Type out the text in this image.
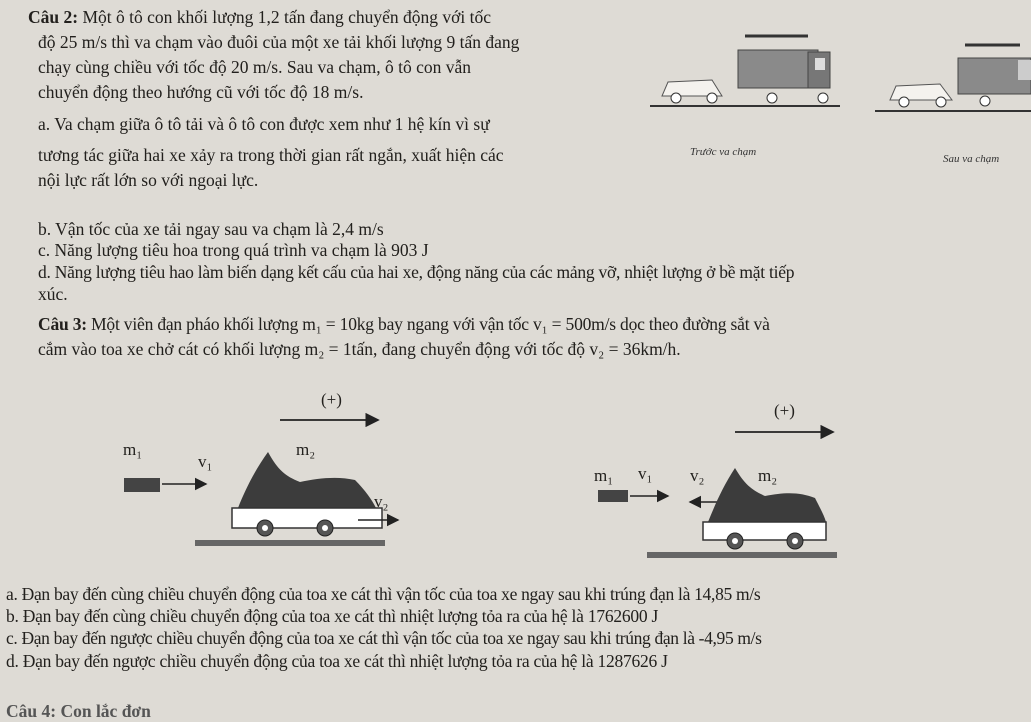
Câu 2: Một ô tô con khối lượng 1,2 tấn đang chuyển động với tốc
độ 25 m/s thì va chạm vào đuôi của một xe tải khối lượng 9 tấn đang
chạy cùng chiều với tốc độ 20 m/s. Sau va chạm, ô tô con vẫn
chuyển động theo hướng cũ với tốc độ 18 m/s.
a. Va chạm giữa ô tô tải và ô tô con được xem như 1 hệ kín vì sự
tương tác giữa hai xe xảy ra trong thời gian rất ngắn, xuất hiện các
nội lực rất lớn so với ngoại lực.
Trước va chạm
Sau va chạm
b. Vận tốc của xe tải ngay sau va chạm là 2,4 m/s
c. Năng lượng tiêu hoa trong quá trình va chạm là 903 J
d. Năng lượng tiêu hao làm biến dạng kết cấu của hai xe, động năng của các mảng vỡ, nhiệt lượng ở bề mặt tiếp
xúc.
Câu 3: Một viên đạn pháo khối lượng m₁ = 10kg bay ngang với vận tốc v₁ = 500m/s dọc theo đường sắt và
cắm vào toa xe chở cát có khối lượng m₂ = 1tấn, đang chuyển động với tốc độ v₂ = 36km/h.
(+)
m₁
v₁
m₂
v₂
(+)
m₁ v₁ v₂	m₂
a. Đạn bay đến cùng chiều chuyển động của toa xe cát thì vận tốc của toa xe ngay sau khi trúng đạn là 14,85 m/s
b. Đạn bay đến cùng chiều chuyển động của toa xe cát thì nhiệt lượng tỏa ra của hệ là 1762600 J
c. Đạn bay đến ngược chiều chuyển động của toa xe cát thì vận tốc của toa xe ngay sau khi trúng đạn là -4,95 m/s
d. Đạn bay đến ngược chiều chuyển động của toa xe cát thì nhiệt lượng tỏa ra của hệ là 1287626 J
Câu 4: Con lắc đơn
